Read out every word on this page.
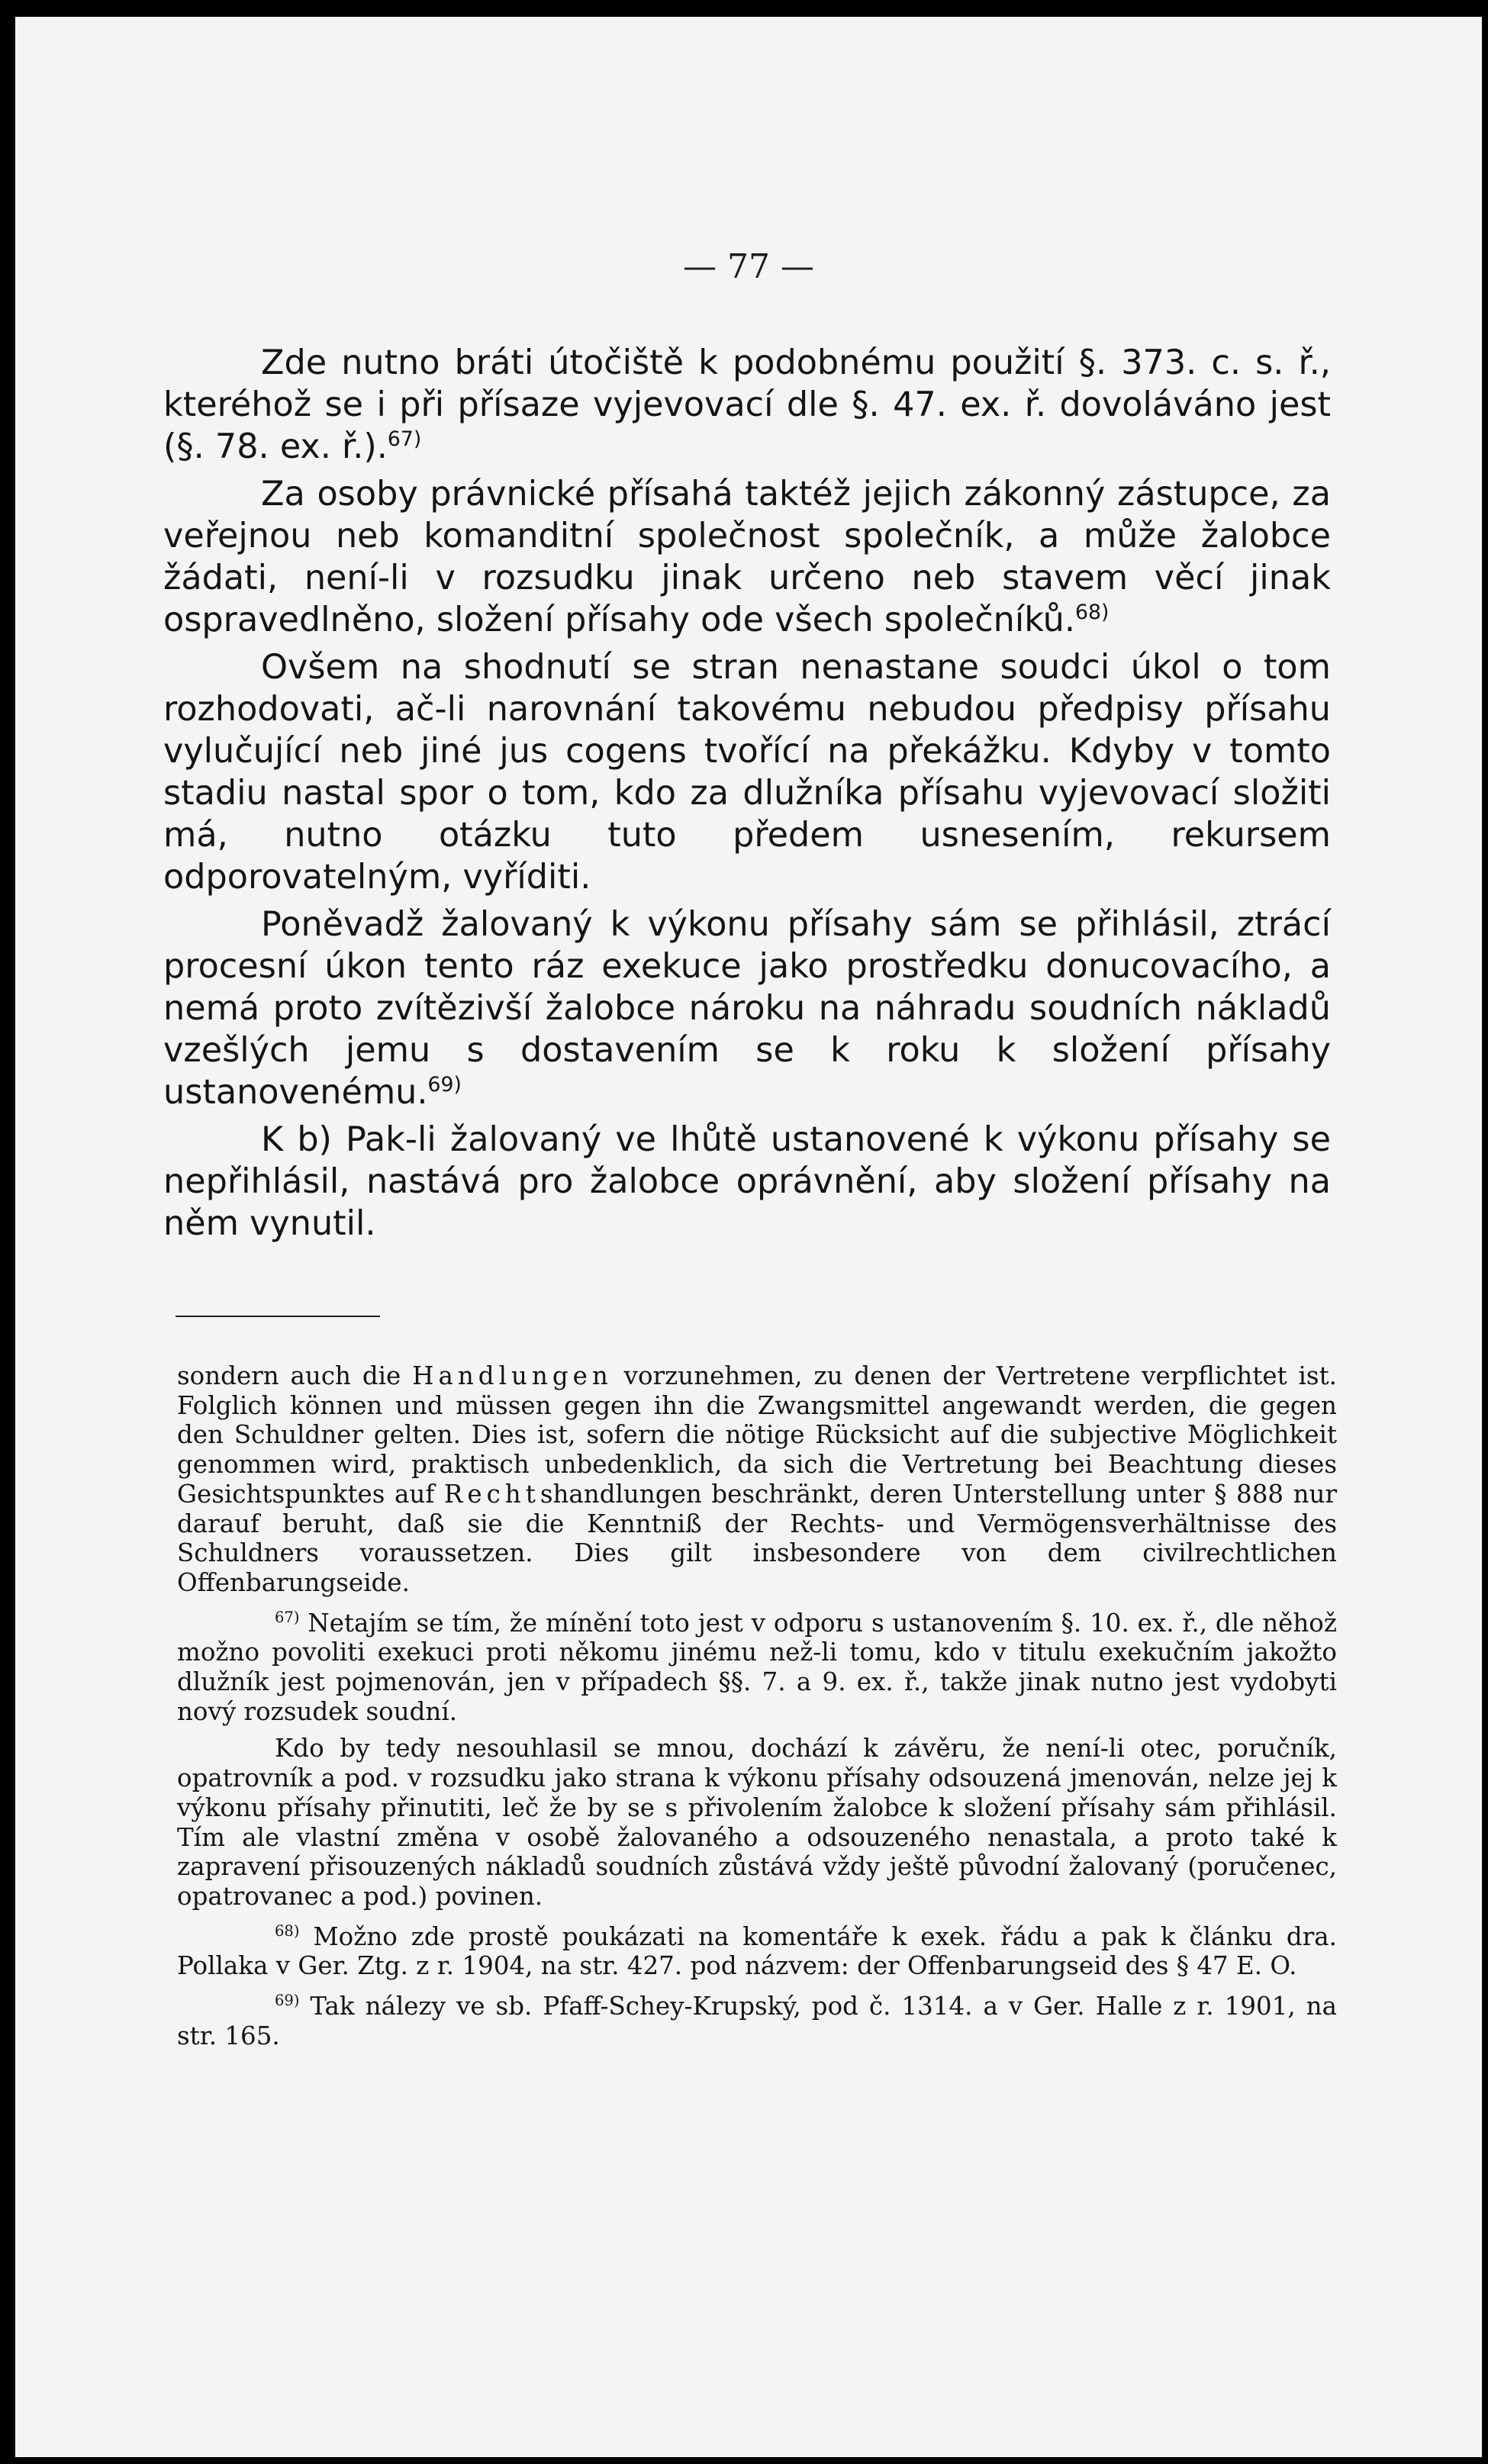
— 77 —

Zde nutno bráti útočiště k podobnému použití §. 373. c. s. ř., kteréhož se i při přísaze vyjevovací dle §. 47. ex. ř. dovoláváno jest (§. 78. ex. ř.).$^{67)}$

Za osoby právnické přísahá taktéž jejich zákonný zástupce, za veřejnou neb komanditní společnost společník, a může žalobce žádati, není-li v rozsudku jinak určeno neb stavem věcí jinak ospravedlněno, složení přísahy ode všech společníků.$^{68)}$

Ovšem na shodnutí se stran nenastane soudci úkol o tom rozhodovati, ač-li narovnání takovému nebudou předpisy přísahu vylučující neb jiné jus cogens tvořící na překážku. Kdyby v tomto stadiu nastal spor o tom, kdo za dlužníka přísahu vyjevovací složiti má, nutno otázku tuto předem usnesením, rekursem odporovatelným, vyříditi.

Poněvadž žalovaný k výkonu přísahy sám se přihlásil, ztrácí procesní úkon tento ráz exekuce jako prostředku donucovacího, a nemá proto zvítězivší žalobce nároku na náhradu soudních nákladů vzešlých jemu s dostavením se k roku k složení přísahy ustanovenému.$^{69)}$

K b) Pak-li žalovaný ve lhůtě ustanovené k výkonu přísahy se nepřihlásil, nastává pro žalobce oprávnění, aby složení přísahy na něm vynutil.

sondern auch die Handlungen vorzunehmen, zu denen der Vertretene verpflichtet ist. Folglich können und müssen gegen ihn die Zwangsmittel angewandt werden, die gegen den Schuldner gelten. Dies ist, sofern die nötige Rücksicht auf die subjective Möglichkeit genommen wird, praktisch unbedenklich, da sich die Vertretung bei Beachtung dieses Gesichtspunktes auf Rechtshandlungen beschränkt, deren Unterstellung unter § 888 nur darauf beruht, daß sie die Kenntniß der Rechts- und Vermögensverhältnisse des Schuldners voraussetzen. Dies gilt insbesondere von dem civilrechtlichen Offenbarungseide.

$^{67)}$ Netajím se tím, že mínění toto jest v odporu s ustanovením §. 10. ex. ř., dle něhož možno povoliti exekuci proti někomu jinému než-li tomu, kdo v titulu exekučním jakožto dlužník jest pojmenován, jen v případech §§. 7. a 9. ex. ř., takže jinak nutno jest vydobyti nový rozsudek soudní.

Kdo by tedy nesouhlasil se mnou, dochází k závěru, že není-li otec, poručník, opatrovník a pod. v rozsudku jako strana k výkonu přísahy odsouzená jmenován, nelze jej k výkonu přísahy přinutiti, leč že by se s přivolením žalobce k složení přísahy sám přihlásil. Tím ale vlastní změna v osobě žalovaného a odsouzeného nenastala, a proto také k zapravení přisouzených nákladů soudních zůstává vždy ještě původní žalovaný (poručenec, opatrovanec a pod.) povinen.

$^{68)}$ Možno zde prostě poukázati na komentáře k exek. řádu a pak k článku dra. Pollaka v Ger. Ztg. z r. 1904, na str. 427. pod názvem: der Offenbarungseid des § 47 E. O.

$^{69)}$ Tak nálezy ve sb. Pfaff-Schey-Krupský, pod č. 1314. a v Ger. Halle z r. 1901, na str. 165.
